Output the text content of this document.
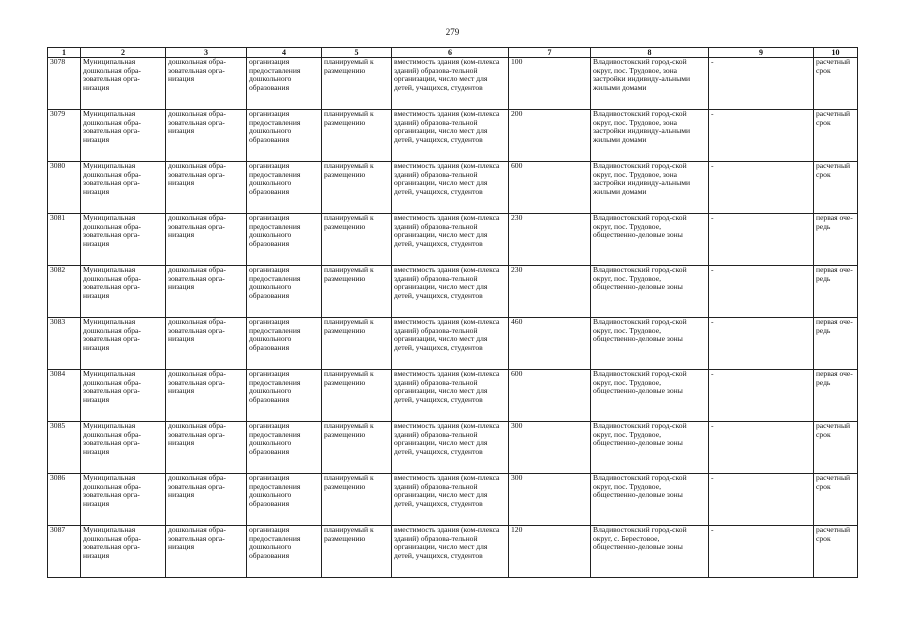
279
1	2	3	4	5	6	7	8	9	10
3078	Муниципальная дошкольная обра-зовательная орга-низация	дошкольная обра-зовательная орга-низация	организация предоставления дошкольного образования	планируемый к размещению	вместимость здания (ком-плекса зданий) образова-тельной организации, число мест для детей, учащихся, студентов	100	Владивостокский город-ской округ, пос. Трудовое, зона застройки индивиду-альными жилыми домами	-	расчетный срок
3079	Муниципальная дошкольная обра-зовательная орга-низация	дошкольная обра-зовательная орга-низация	организация предоставления дошкольного образования	планируемый к размещению	вместимость здания (ком-плекса зданий) образова-тельной организации, число мест для детей, учащихся, студентов	200	Владивостокский город-ской округ, пос. Трудовое, зона застройки индивиду-альными жилыми домами	-	расчетный срок
3080	Муниципальная дошкольная обра-зовательная орга-низация	дошкольная обра-зовательная орга-низация	организация предоставления дошкольного образования	планируемый к размещению	вместимость здания (ком-плекса зданий) образова-тельной организации, число мест для детей, учащихся, студентов	600	Владивостокский город-ской округ, пос. Трудовое, зона застройки индивиду-альными жилыми домами	-	расчетный срок
3081	Муниципальная дошкольная обра-зовательная орга-низация	дошкольная обра-зовательная орга-низация	организация предоставления дошкольного образования	планируемый к размещению	вместимость здания (ком-плекса зданий) образова-тельной организации, число мест для детей, учащихся, студентов	230	Владивостокский город-ской округ, пос. Трудовое, общественно-деловые зоны	-	первая оче-редь
3082	Муниципальная дошкольная обра-зовательная орга-низация	дошкольная обра-зовательная орга-низация	организация предоставления дошкольного образования	планируемый к размещению	вместимость здания (ком-плекса зданий) образова-тельной организации, число мест для детей, учащихся, студентов	230	Владивостокский город-ской округ, пос. Трудовое, общественно-деловые зоны	-	первая оче-редь
3083	Муниципальная дошкольная обра-зовательная орга-низация	дошкольная обра-зовательная орга-низация	организация предоставления дошкольного образования	планируемый к размещению	вместимость здания (ком-плекса зданий) образова-тельной организации, число мест для детей, учащихся, студентов	460	Владивостокский город-ской округ, пос. Трудовое, общественно-деловые зоны	-	первая оче-редь
3084	Муниципальная дошкольная обра-зовательная орга-низация	дошкольная обра-зовательная орга-низация	организация предоставления дошкольного образования	планируемый к размещению	вместимость здания (ком-плекса зданий) образова-тельной организации, число мест для детей, учащихся, студентов	600	Владивостокский город-ской округ, пос. Трудовое, общественно-деловые зоны	-	первая оче-редь
3085	Муниципальная дошкольная обра-зовательная орга-низация	дошкольная обра-зовательная орга-низация	организация предоставления дошкольного образования	планируемый к размещению	вместимость здания (ком-плекса зданий) образова-тельной организации, число мест для детей, учащихся, студентов	300	Владивостокский город-ской округ, пос. Трудовое, общественно-деловые зоны	-	расчетный срок
3086	Муниципальная дошкольная обра-зовательная орга-низация	дошкольная обра-зовательная орга-низация	организация предоставления дошкольного образования	планируемый к размещению	вместимость здания (ком-плекса зданий) образова-тельной организации, число мест для детей, учащихся, студентов	300	Владивостокский город-ской округ, пос. Трудовое, общественно-деловые зоны	-	расчетный срок
3087	Муниципальная дошкольная обра-зовательная орга-низация	дошкольная обра-зовательная орга-низация	организация предоставления дошкольного образования	планируемый к размещению	вместимость здания (ком-плекса зданий) образова-тельной организации, число мест для детей, учащихся, студентов	120	Владивостокский город-ской округ, с. Берестовое, общественно-деловые зоны	-	расчетный срок
